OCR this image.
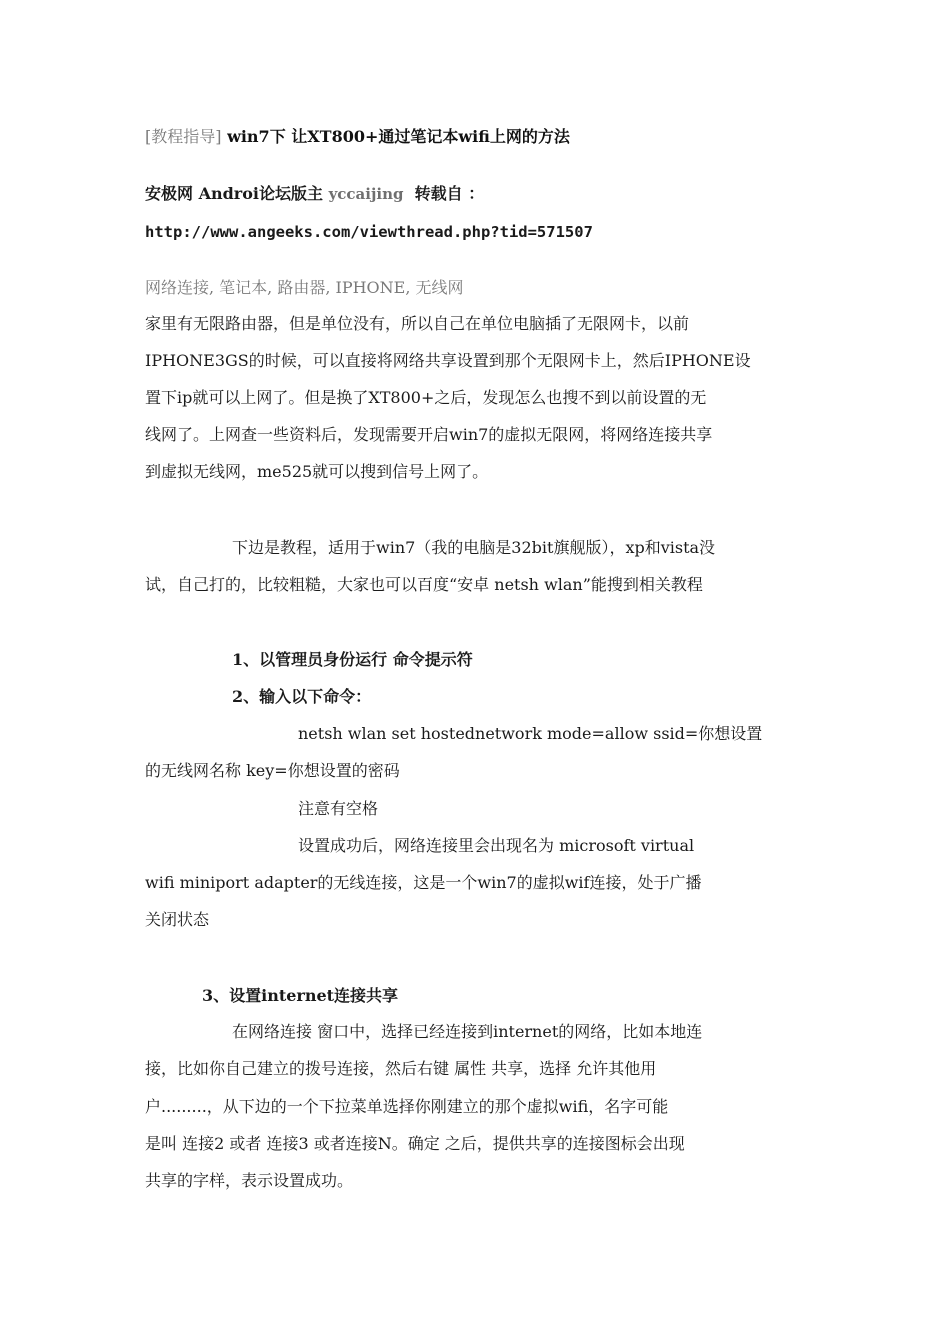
[教程指导] win7下 让XT800+通过笔记本wifi上网的方法
安极网 Androi论坛版主 yccaijing  转载自 ：
http://www.angeeks.com/viewthread.php?tid=571507
网络连接, 笔记本, 路由器, IPHONE, 无线网
家里有无限路由器，但是单位没有，所以自己在单位电脑插了无限网卡，以前
IPHONE3GS的时候，可以直接将网络共享设置到那个无限网卡上，然后IPHONE设
置下ip就可以上网了。但是换了XT800+之后，发现怎么也搜不到以前设置的无
线网了。上网查一些资料后，发现需要开启win7的虚拟无限网，将网络连接共享
到虚拟无线网，me525就可以搜到信号上网了。
下边是教程，适用于win7（我的电脑是32bit旗舰版），xp和vista没
试，自己打的，比较粗糙，大家也可以百度“安卓 netsh wlan”能搜到相关教程
1、以管理员身份运行 命令提示符
2、输入以下命令：
netsh wlan set hostednetwork mode=allow ssid=你想设置
的无线网名称 key=你想设置的密码
注意有空格
设置成功后，网络连接里会出现名为 microsoft virtual
wifi miniport adapter的无线连接，这是一个win7的虚拟wif连接，处于广播
关闭状态
3、设置internet连接共享
在网络连接 窗口中，选择已经连接到internet的网络，比如本地连
接，比如你自己建立的拨号连接，然后右键 属性 共享，选择 允许其他用
户.........，从下边的一个下拉菜单选择你刚建立的那个虚拟wifi，名字可能
是叫 连接2 或者 连接3 或者连接N。确定 之后，提供共享的连接图标会出现
共享的字样，表示设置成功。
